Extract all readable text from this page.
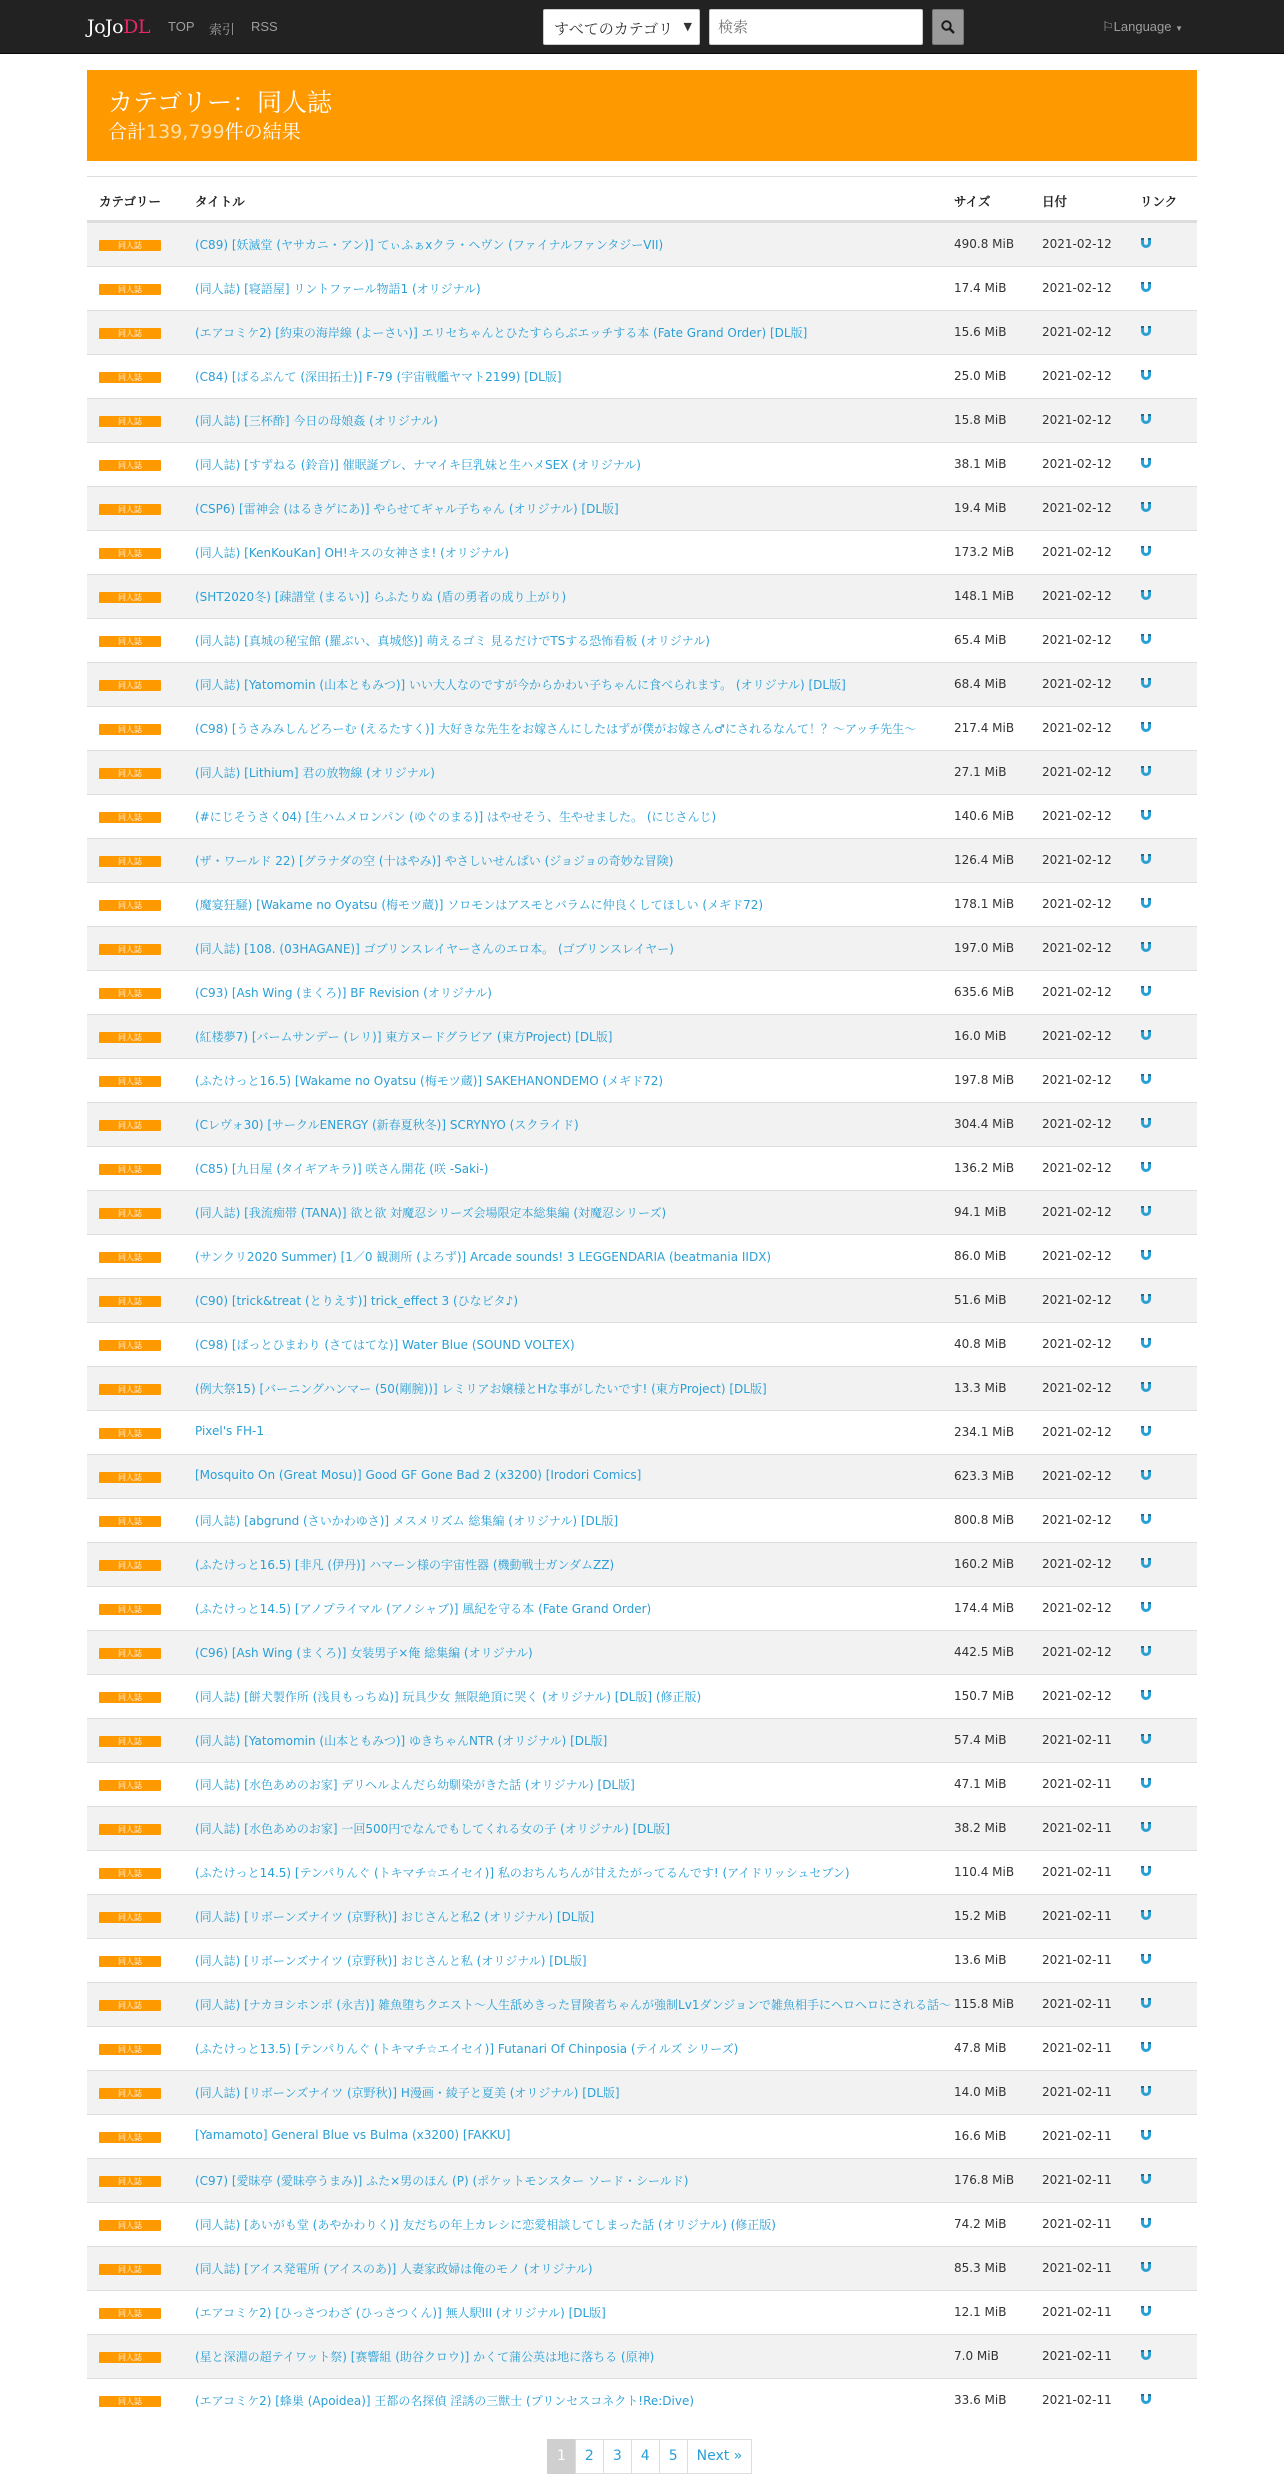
JoJoDL TOP 索引 RSS	すべてのカテゴリ ▼
検索	⚐Language ▼
カテゴリー：同人誌
合計139,799件の結果
カテゴリー	タイトル	サイズ	日付	リンク
同人誌	(C89) [妖滅堂 (ヤサカニ・アン)] てぃふぁxクラ・ヘヴン (ファイナルファンタジーVII)	490.8 MiB 2021-02-12
同人誌	(同人誌) [寝語屋] リントファール物語1 (オリジナル)	17.4 MiB	2021-02-12
同人誌	(エアコミケ2) [約束の海岸線 (よーさい)] エリセちゃんとひたすららぶエッチする本 (Fate Grand Order) [DL版]	15.6 MiB	2021-02-12
同人誌	(C84) [ぱるぷんて (深田拓士)] F-79 (宇宙戦艦ヤマト2199) [DL版]	25.0 MiB	2021-02-12
同人誌	(同人誌) [三杯酢] 今日の母娘姦 (オリジナル)	15.8 MiB	2021-02-12
同人誌	(同人誌) [すずねる (鈴音)] 催眠誕プレ、ナマイキ巨乳妹と生ハメSEX (オリジナル)	38.1 MiB	2021-02-12
同人誌	(CSP6) [雷神会 (はるきゲにあ)] やらせてギャル子ちゃん (オリジナル) [DL版]	19.4 MiB	2021-02-12
同人誌	(同人誌) [KenKouKan] OH!キスの女神さま! (オリジナル)	173.2 MiB 2021-02-12
同人誌	(SHT2020冬) [疎譜堂 (まるい)] らふたりぬ (盾の勇者の成り上がり)	148.1 MiB 2021-02-12
同人誌	(同人誌) [真城の秘宝館 (羅ぶい、真城悠)] 萌えるゴミ 見るだけでTSする恐怖看板 (オリジナル)	65.4 MiB	2021-02-12
同人誌	(同人誌) [Yatomomin (山本ともみつ)] いい大人なのですが今からかわい子ちゃんに食べられます。 (オリジナル) [DL版]	68.4 MiB	2021-02-12
同人誌	(C98) [うさみみしんどろーむ (えるたすく)] 大好きな先生をお嫁さんにしたはずが僕がお嫁さん♂にされるなんて！？～アッチ先生～	217.4 MiB 2021-02-12
同人誌	(同人誌) [Lithium] 君の放物線 (オリジナル)	27.1 MiB	2021-02-12
同人誌	(#にじそうさく04) [生ハムメロンパン (ゆぐのまる)] はやせそう、生やせました。 (にじさんじ)	140.6 MiB 2021-02-12
同人誌	(ザ・ワールド 22) [グラナダの空 (十はやみ)] やさしいせんぱい (ジョジョの奇妙な冒険)	126.4 MiB 2021-02-12
同人誌	(魔宴狂騒) [Wakame no Oyatsu (梅モツ蔵)] ソロモンはアスモとバラムに仲良くしてほしい (メギド72)	178.1 MiB 2021-02-12
同人誌	(同人誌) [108. (03HAGANE)] ゴブリンスレイヤーさんのエロ本。 (ゴブリンスレイヤー)	197.0 MiB 2021-02-12
同人誌	(C93) [Ash Wing (まくろ)] BF Revision (オリジナル)	635.6 MiB 2021-02-12
同人誌	(紅楼夢7) [バームサンデー (レリ)] 東方ヌードグラビア (東方Project) [DL版]	16.0 MiB	2021-02-12
同人誌	(ふたけっと16.5) [Wakame no Oyatsu (梅モツ蔵)] SAKEHANONDEMO (メギド72)	197.8 MiB 2021-02-12
同人誌	(Cレヴォ30) [サークルENERGY (新春夏秋冬)] SCRYNYO (スクライド)	304.4 MiB 2021-02-12
同人誌	(C85) [九日屋 (タイギアキラ)] 咲さん開花 (咲 -Saki-)	136.2 MiB 2021-02-12
同人誌	(同人誌) [我流痴帯 (TANA)] 欲と欲 対魔忍シリーズ会場限定本総集編 (対魔忍シリーズ)	94.1 MiB	2021-02-12
同人誌	(サンクリ2020 Summer) [1／0 観測所 (よろず)] Arcade sounds! 3 LEGGENDARIA (beatmania IIDX)	86.0 MiB	2021-02-12
同人誌	(C90) [trick&treat (とりえす)] trick_effect 3 (ひなビタ♪)	51.6 MiB	2021-02-12
同人誌	(C98) [ぱっとひまわり (さてはてな)] Water Blue (SOUND VOLTEX)	40.8 MiB	2021-02-12
同人誌	(例大祭15) [バーニングハンマー (50(剛腕))] レミリアお嬢様とHな事がしたいです! (東方Project) [DL版]	13.3 MiB	2021-02-12
同人誌	Pixel's FH-1	234.1 MiB 2021-02-12
同人誌	[Mosquito On (Great Mosu)] Good GF Gone Bad 2 (x3200) [Irodori Comics]	623.3 MiB 2021-02-12
同人誌	(同人誌) [abgrund (さいかわゆさ)] メスメリズム 総集編 (オリジナル) [DL版]	800.8 MiB 2021-02-12
同人誌	(ふたけっと16.5) [非凡 (伊丹)] ハマーン様の宇宙性器 (機動戦士ガンダムZZ)	160.2 MiB 2021-02-12
同人誌	(ふたけっと14.5) [アノプライマル (アノシャブ)] 風紀を守る本 (Fate Grand Order)	174.4 MiB 2021-02-12
同人誌	(C96) [Ash Wing (まくろ)] 女装男子×俺 総集編 (オリジナル)	442.5 MiB 2021-02-12
同人誌	(同人誌) [餅犬製作所 (浅貝もっちぬ)] 玩具少女 無限絶頂に哭く (オリジナル) [DL版] (修正版)	150.7 MiB 2021-02-12
同人誌	(同人誌) [Yatomomin (山本ともみつ)] ゆきちゃんNTR (オリジナル) [DL版]	57.4 MiB	2021-02-11
同人誌	(同人誌) [水色あめのお家] デリヘルよんだら幼馴染がきた話 (オリジナル) [DL版]	47.1 MiB	2021-02-11
同人誌	(同人誌) [水色あめのお家] 一回500円でなんでもしてくれる女の子 (オリジナル) [DL版]	38.2 MiB	2021-02-11
同人誌	(ふたけっと14.5) [テンパりんぐ (トキマチ☆エイセイ)] 私のおちんちんが甘えたがってるんです! (アイドリッシュセブン)	110.4 MiB 2021-02-11
同人誌	(同人誌) [リボーンズナイツ (京野秋)] おじさんと私2 (オリジナル) [DL版]	15.2 MiB	2021-02-11
同人誌	(同人誌) [リボーンズナイツ (京野秋)] おじさんと私 (オリジナル) [DL版]	13.6 MiB	2021-02-11
同人誌	(同人誌) [ナカヨシホンポ (永吉)] 雑魚堕ちクエスト～人生舐めきった冒険者ちゃんが強制Lv1ダンジョンで雑魚相手にヘロヘロにされる話～ 115.8 MiB 2021-02-11
同人誌	(ふたけっと13.5) [テンパりんぐ (トキマチ☆エイセイ)] Futanari Of Chinposia (テイルズ シリーズ)	47.8 MiB	2021-02-11
同人誌	(同人誌) [リボーンズナイツ (京野秋)] H漫画・綾子と夏美 (オリジナル) [DL版]	14.0 MiB	2021-02-11
同人誌	[Yamamoto] General Blue vs Bulma (x3200) [FAKKU]	16.6 MiB	2021-02-11
同人誌	(C97) [愛昧亭 (愛昧亭うまみ)] ふた×男のほん (P) (ポケットモンスター ソード・シールド)	176.8 MiB 2021-02-11
同人誌	(同人誌) [あいがも堂 (あやかわりく)] 友だちの年上カレシに恋愛相談してしまった話 (オリジナル) (修正版)	74.2 MiB	2021-02-11
同人誌	(同人誌) [アイス発電所 (アイスのあ)] 人妻家政婦は俺のモノ (オリジナル)	85.3 MiB	2021-02-11
同人誌	(エアコミケ2) [ひっさつわざ (ひっさつくん)] 無人駅III (オリジナル) [DL版]	12.1 MiB	2021-02-11
同人誌	(星と深淵の超テイワット祭) [赛響組 (助谷クロウ)] かくて蒲公英は地に落ちる (原神)	7.0 MiB	2021-02-11
同人誌	(エアコミケ2) [蜂巣 (Apoidea)] 王都の名探偵 淫誘の三獣士 (プリンセスコネクト!Re:Dive)	33.6 MiB	2021-02-11
1	2	3	4	5	Next »
